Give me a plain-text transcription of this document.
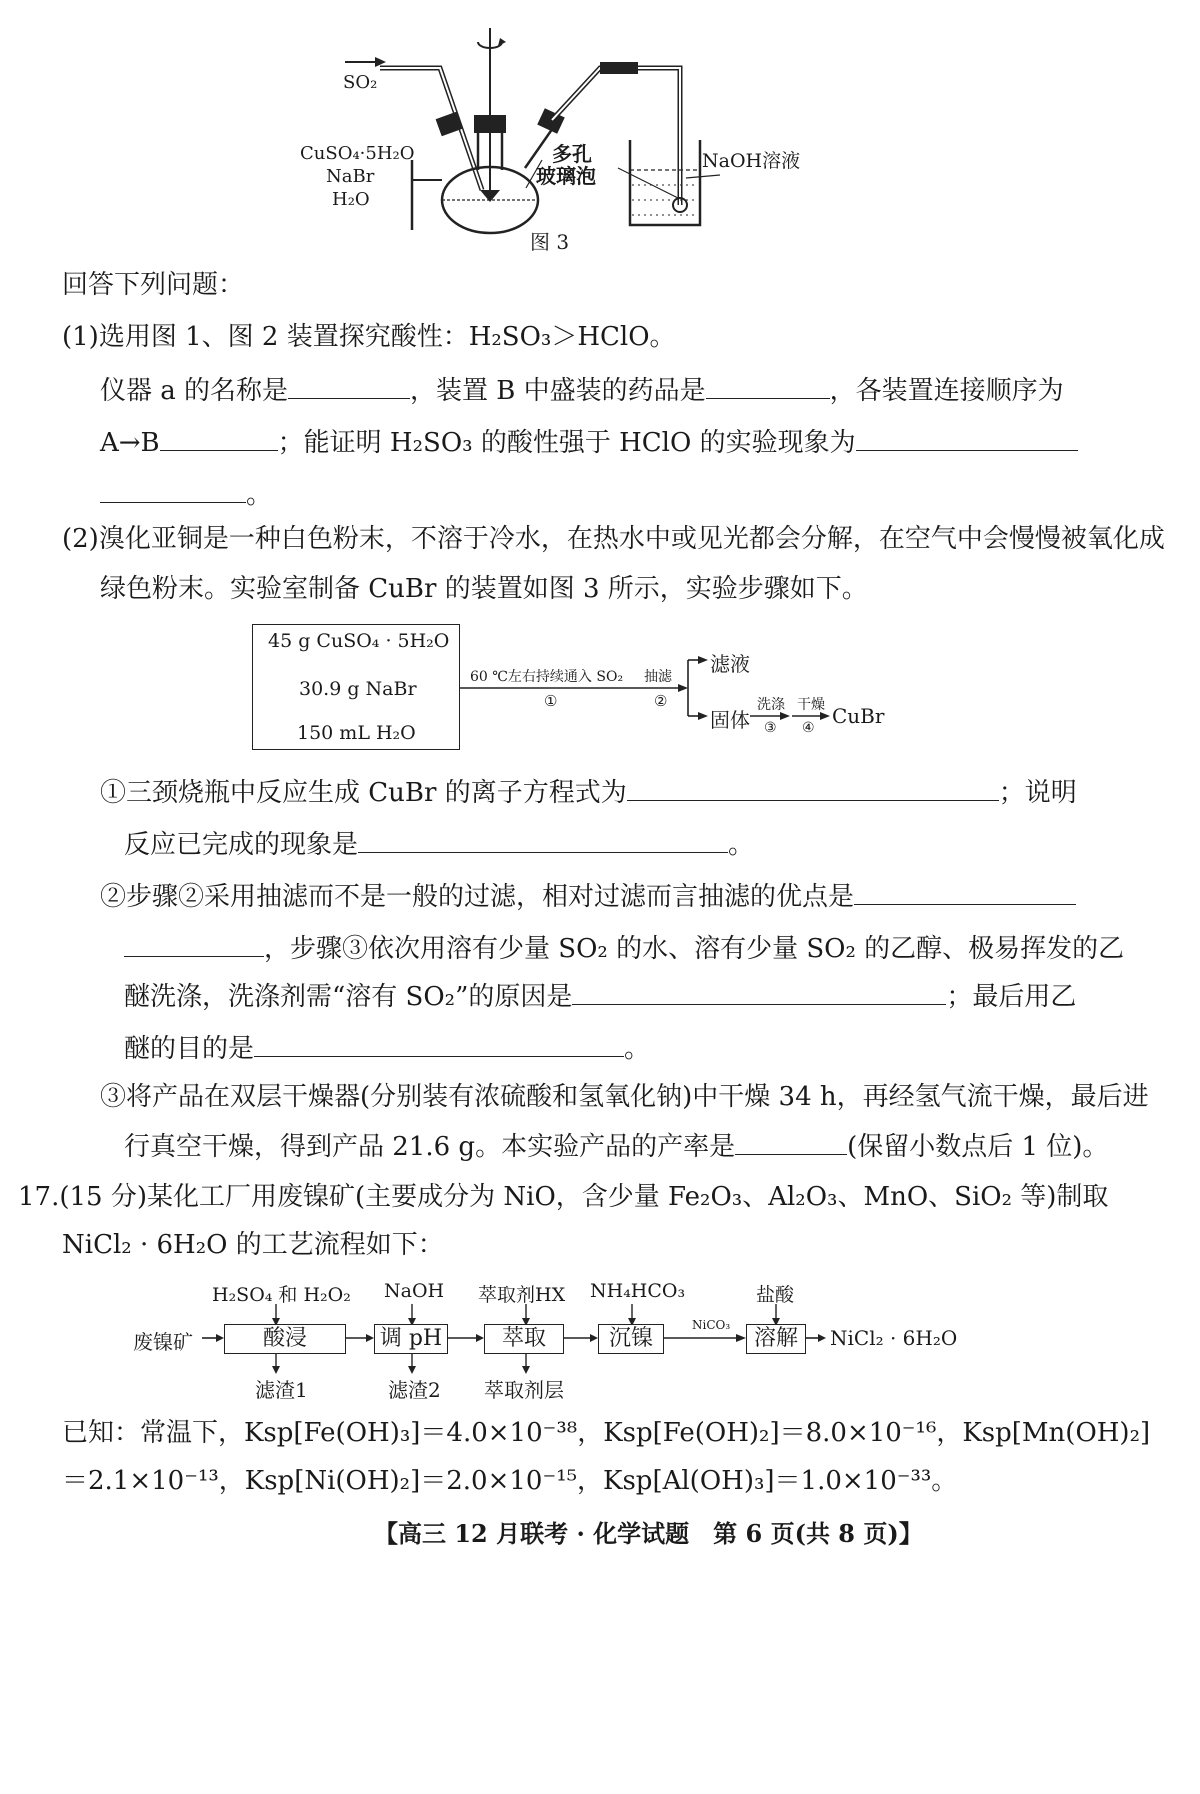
SO₂
CuSO₄·5H₂O
NaBr
H₂O
多孔
玻璃泡
NaOH溶液
图 3
回答下列问题：
(1)选用图 1、图 2 装置探究酸性：H₂SO₃＞HClO。
仪器 a 的名称是	，装置 B 中盛装的药品是	，各装置连接顺序为
A→B	；能证明 H₂SO₃ 的酸性强于 HClO 的实验现象为
。
(2)溴化亚铜是一种白色粉末，不溶于冷水，在热水中或见光都会分解，在空气中会慢慢被氧化成
绿色粉末。实验室制备 CuBr 的装置如图 3 所示，实验步骤如下。
45 g CuSO₄ · 5H₂O
30.9 g NaBr
150 mL H₂O
60 ℃左右持续通入 SO₂
①
抽滤
②
滤液
固体
洗涤
③
干燥
④ CuBr
①三颈烧瓶中反应生成 CuBr 的离子方程式为	；说明
反应已完成的现象是	。
②步骤②采用抽滤而不是一般的过滤，相对过滤而言抽滤的优点是
，步骤③依次用溶有少量 SO₂ 的水、溶有少量 SO₂ 的乙醇、极易挥发的乙
醚洗涤，洗涤剂需“溶有 SO₂”的原因是	；最后用乙
醚的目的是	。
③将产品在双层干燥器(分别装有浓硫酸和氢氧化钠)中干燥 34 h，再经氢气流干燥，最后进
行真空干燥，得到产品 21.6 g。本实验产品的产率是	(保留小数点后 1 位)。
17.(15 分)某化工厂用废镍矿(主要成分为 NiO，含少量 Fe₂O₃、Al₂O₃、MnO、SiO₂ 等)制取
NiCl₂ · 6H₂O 的工艺流程如下：
废镍矿	酸浸	调 pH	萃取	沉镍	溶解
H₂SO₄ 和 H₂O₂ NaOH 萃取剂HX NH₄HCO₃	盐酸
滤渣1	滤渣2 萃取剂层
NiCO₃
NiCl₂ · 6H₂O
已知：常温下，Ksp[Fe(OH)₃]＝4.0×10⁻³⁸，Ksp[Fe(OH)₂]＝8.0×10⁻¹⁶，Ksp[Mn(OH)₂]
＝2.1×10⁻¹³，Ksp[Ni(OH)₂]＝2.0×10⁻¹⁵，Ksp[Al(OH)₃]＝1.0×10⁻³³。
【高三 12 月联考 · 化学试题　第 6 页(共 8 页)】
